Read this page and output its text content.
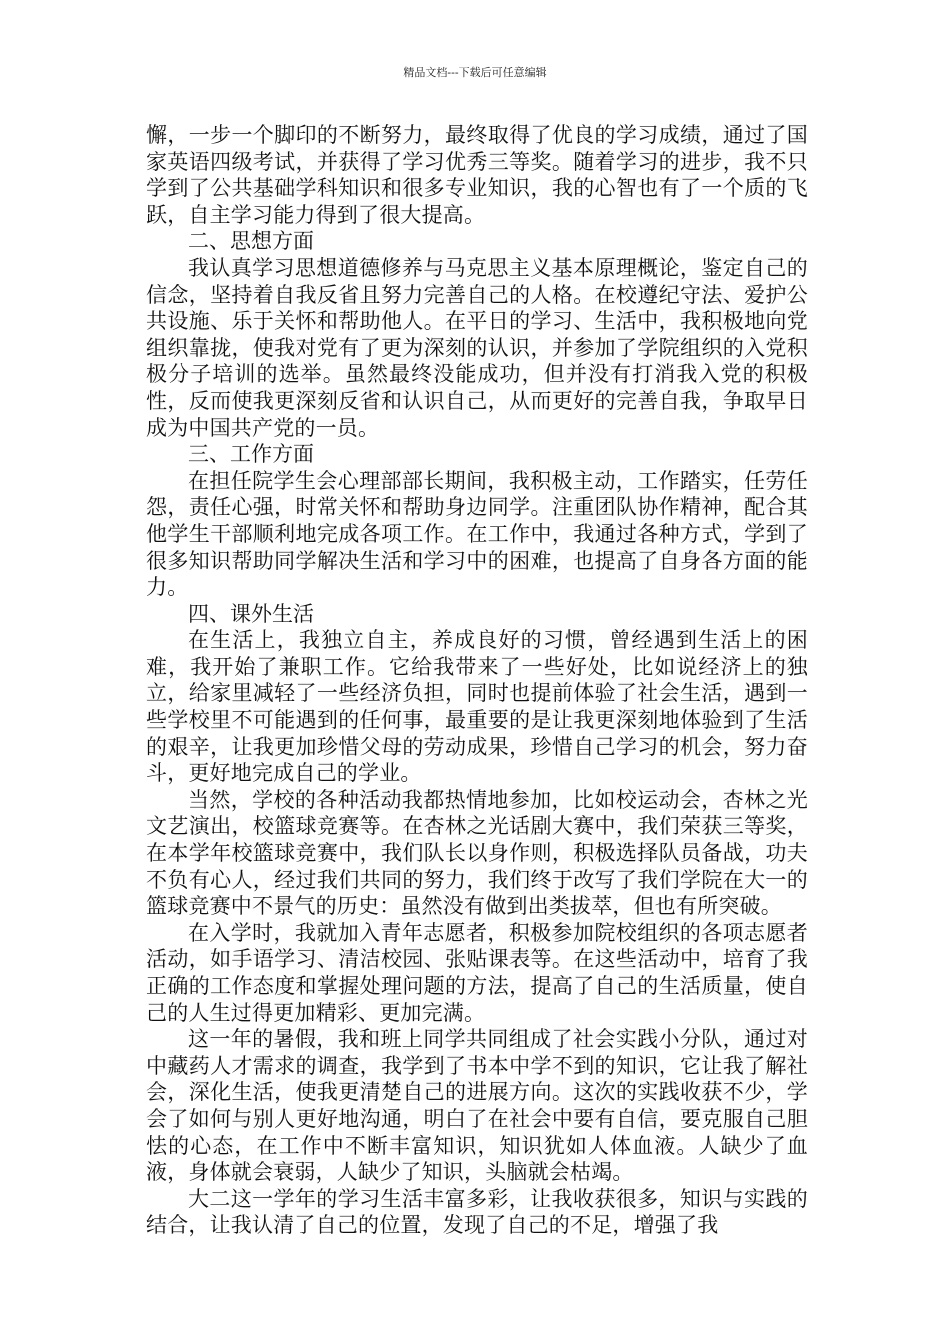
精品文档---下载后可任意编辑

懈，一步一个脚印的不断努力，最终取得了优良的学习成绩，通过了国家英语四级考试，并获得了学习优秀三等奖。随着学习的进步，我不只学到了公共基础学科知识和很多专业知识，我的心智也有了一个质的飞跃，自主学习能力得到了很大提高。

二、思想方面

我认真学习思想道德修养与马克思主义基本原理概论，鉴定自己的信念，坚持着自我反省且努力完善自己的人格。在校遵纪守法、爱护公共设施、乐于关怀和帮助他人。在平日的学习、生活中，我积极地向党组织靠拢，使我对党有了更为深刻的认识，并参加了学院组织的入党积极分子培训的选举。虽然最终没能成功，但并没有打消我入党的积极性，反而使我更深刻反省和认识自己，从而更好的完善自我，争取早日成为中国共产党的一员。

三、工作方面

在担任院学生会心理部部长期间，我积极主动，工作踏实，任劳任怨，责任心强，时常关怀和帮助身边同学。注重团队协作精神，配合其他学生干部顺利地完成各项工作。在工作中，我通过各种方式，学到了很多知识帮助同学解决生活和学习中的困难，也提高了自身各方面的能力。

四、课外生活

在生活上，我独立自主，养成良好的习惯，曾经遇到生活上的困难，我开始了兼职工作。它给我带来了一些好处，比如说经济上的独立，给家里减轻了一些经济负担，同时也提前体验了社会生活，遇到一些学校里不可能遇到的任何事，最重要的是让我更深刻地体验到了生活的艰辛，让我更加珍惜父母的劳动成果，珍惜自己学习的机会，努力奋斗，更好地完成自己的学业。

当然，学校的各种活动我都热情地参加，比如校运动会，杏林之光文艺演出，校篮球竞赛等。在杏林之光话剧大赛中，我们荣获三等奖，在本学年校篮球竞赛中，我们队长以身作则，积极选择队员备战，功夫不负有心人，经过我们共同的努力，我们终于改写了我们学院在大一的篮球竞赛中不景气的历史：虽然没有做到出类拔萃，但也有所突破。

在入学时，我就加入青年志愿者，积极参加院校组织的各项志愿者活动，如手语学习、清洁校园、张贴课表等。在这些活动中，培育了我正确的工作态度和掌握处理问题的方法，提高了自己的生活质量，使自己的人生过得更加精彩、更加完满。

这一年的暑假，我和班上同学共同组成了社会实践小分队，通过对中藏药人才需求的调查，我学到了书本中学不到的知识，它让我了解社会，深化生活，使我更清楚自己的进展方向。这次的实践收获不少，学会了如何与别人更好地沟通，明白了在社会中要有自信，要克服自己胆怯的心态，在工作中不断丰富知识，知识犹如人体血液。人缺少了血液，身体就会衰弱，人缺少了知识，头脑就会枯竭。

大二这一学年的学习生活丰富多彩，让我收获很多，知识与实践的结合，让我认清了自己的位置，发现了自己的不足，增强了我
